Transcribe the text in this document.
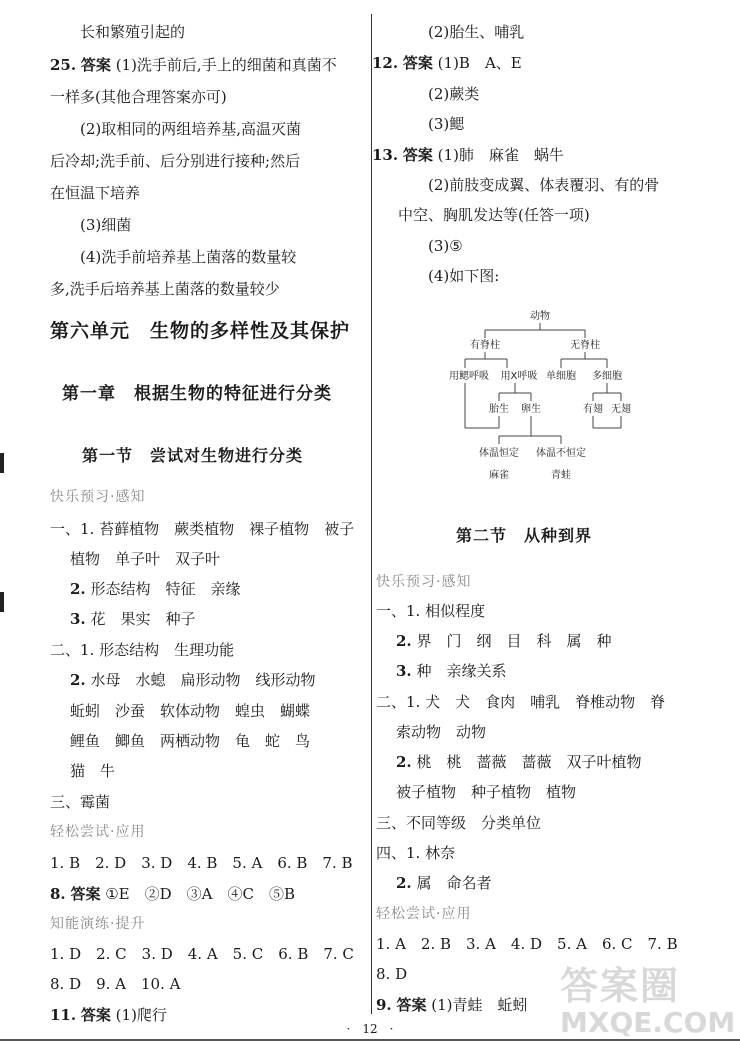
长和繁殖引起的
25. 答案 (1)洗手前后,手上的细菌和真菌不
一样多(其他合理答案亦可)
(2)取相同的两组培养基,高温灭菌
后冷却;洗手前、后分别进行接种;然后
在恒温下培养
(3)细菌
(4)洗手前培养基上菌落的数量较
多,洗手后培养基上菌落的数量较少
第六单元　生物的多样性及其保护
第一章　根据生物的特征进行分类
第一节　尝试对生物进行分类
快乐预习·感知
一、1. 苔藓植物　蕨类植物　裸子植物　被子
植物　单子叶　双子叶
2. 形态结构　特征　亲缘
3. 花　果实　种子
二、1. 形态结构　生理功能
2. 水母　水螅　扁形动物　线形动物
蚯蚓　沙蚕　软体动物　蝗虫　蝴蝶
鲤鱼　鲫鱼　两栖动物　龟　蛇　鸟
猫　牛
三、霉菌
轻松尝试·应用
1. B　2. D　3. D　4. B　5. A　6. B　7. B
8. 答案 ①E　②D　③A　④C　⑤B
知能演练·提升
1. D　2. C　3. D　4. A　5. C　6. B　7. C
8. D　9. A　10. A
11. 答案 (1)爬行
(2)胎生、哺乳
12. 答案 (1)B　A、E
(2)蕨类
(3)鳃
13. 答案 (1)肺　麻雀　蜗牛
(2)前肢变成翼、体表覆羽、有的骨
中空、胸肌发达等(任答一项)
(3)⑤
(4)如下图:
第二节　从种到界
快乐预习·感知
一、1. 相似程度
2. 界　门　纲　目　科　属　种
3. 种　亲缘关系
二、1. 犬　犬　食肉　哺乳　脊椎动物　脊
索动物　动物
2. 桃　桃　蔷薇　蔷薇　双子叶植物
被子植物　种子植物　植物
三、不同等级　分类单位
四、1. 林奈
2. 属　命名者
轻松尝试·应用
1. A　2. B　3. A　4. D　5. A　6. C　7. B
8. D
9. 答案 (1)青蛙　蚯蚓
动物
有脊柱	无脊柱
用鳃呼吸 用X呼吸 单细胞 多细胞
胎生 卵生	有翅 无翅
体温恒定 体温不恒定
麻雀	青蛙
·　12　·
答案圈
MXQE.COM
